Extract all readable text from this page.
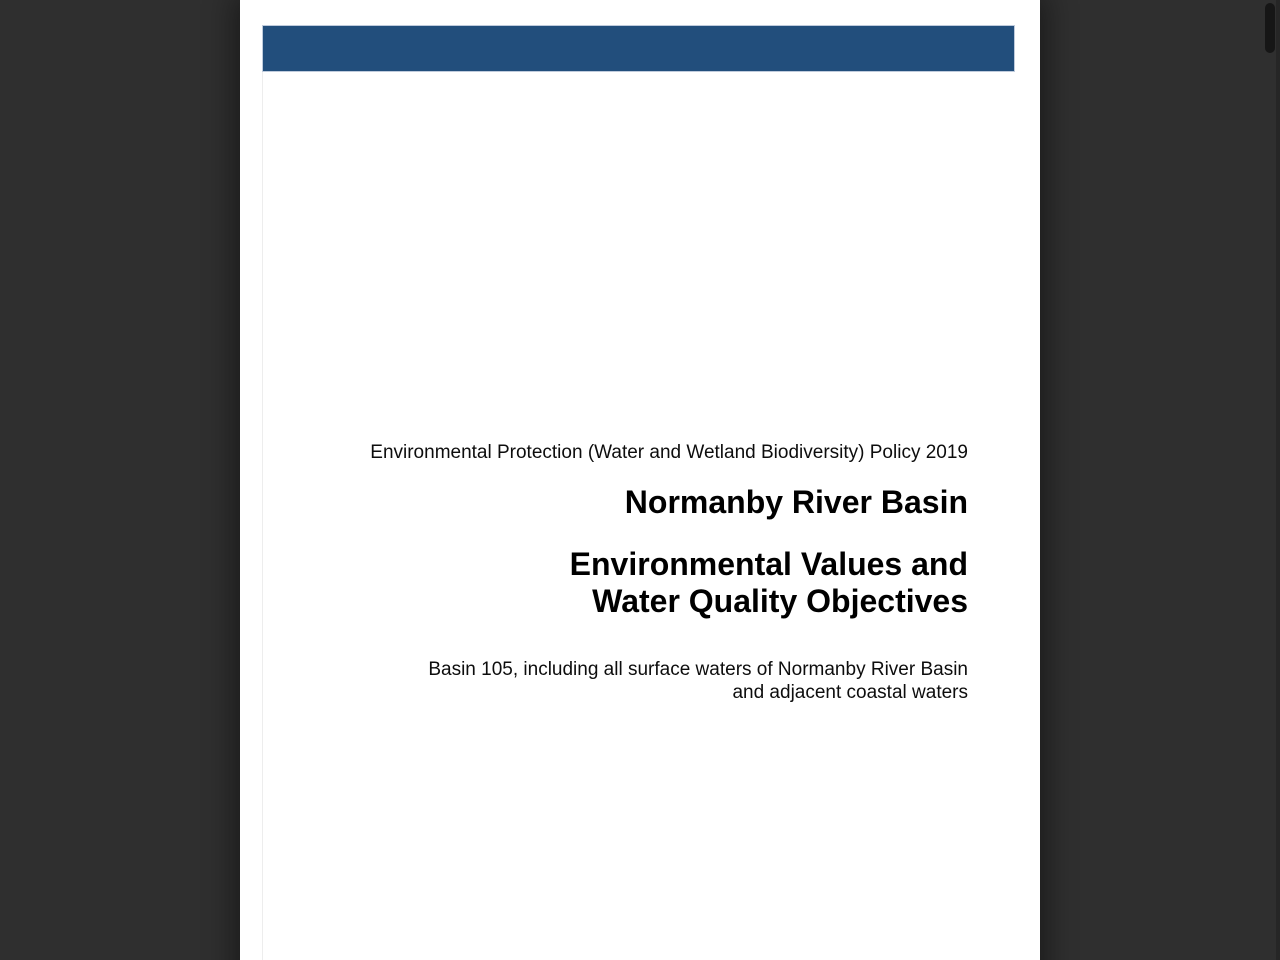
Environmental Protection (Water and Wetland Biodiversity) Policy 2019
Normanby River Basin
Environmental Values and
Water Quality Objectives
Basin 105, including all surface waters of Normanby River Basin
and adjacent coastal waters
